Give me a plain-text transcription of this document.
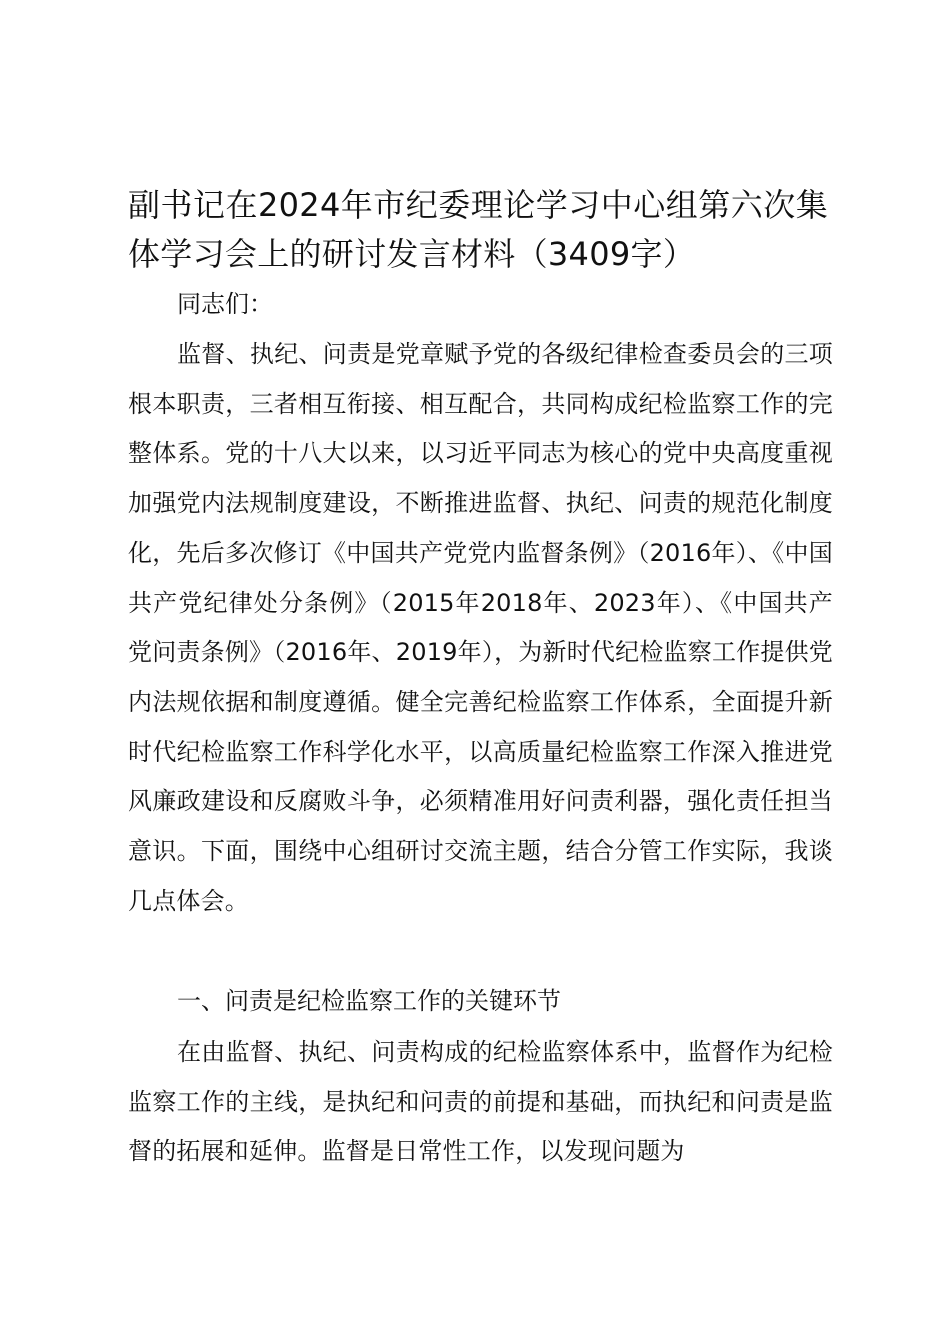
副书记在2024年市纪委理论学习中心组第六次集体学习会上的研讨发言材料（3409字）

同志们：

监督、执纪、问责是党章赋予党的各级纪律检查委员会的三项根本职责，三者相互衔接、相互配合，共同构成纪检监察工作的完整体系。党的十八大以来，以习近平同志为核心的党中央高度重视加强党内法规制度建设，不断推进监督、执纪、问责的规范化制度化，先后多次修订《中国共产党党内监督条例》（2016年）、《中国共产党纪律处分条例》（2015年2018年、2023年）、《中国共产党问责条例》（2016年、2019年），为新时代纪检监察工作提供党内法规依据和制度遵循。健全完善纪检监察工作体系，全面提升新时代纪检监察工作科学化水平，以高质量纪检监察工作深入推进党风廉政建设和反腐败斗争，必须精准用好问责利器，强化责任担当意识。下面，围绕中心组研讨交流主题，结合分管工作实际，我谈几点体会。

一、问责是纪检监察工作的关键环节

在由监督、执纪、问责构成的纪检监察体系中，监督作为纪检监察工作的主线，是执纪和问责的前提和基础，而执纪和问责是监督的拓展和延伸。监督是日常性工作，以发现问题为
